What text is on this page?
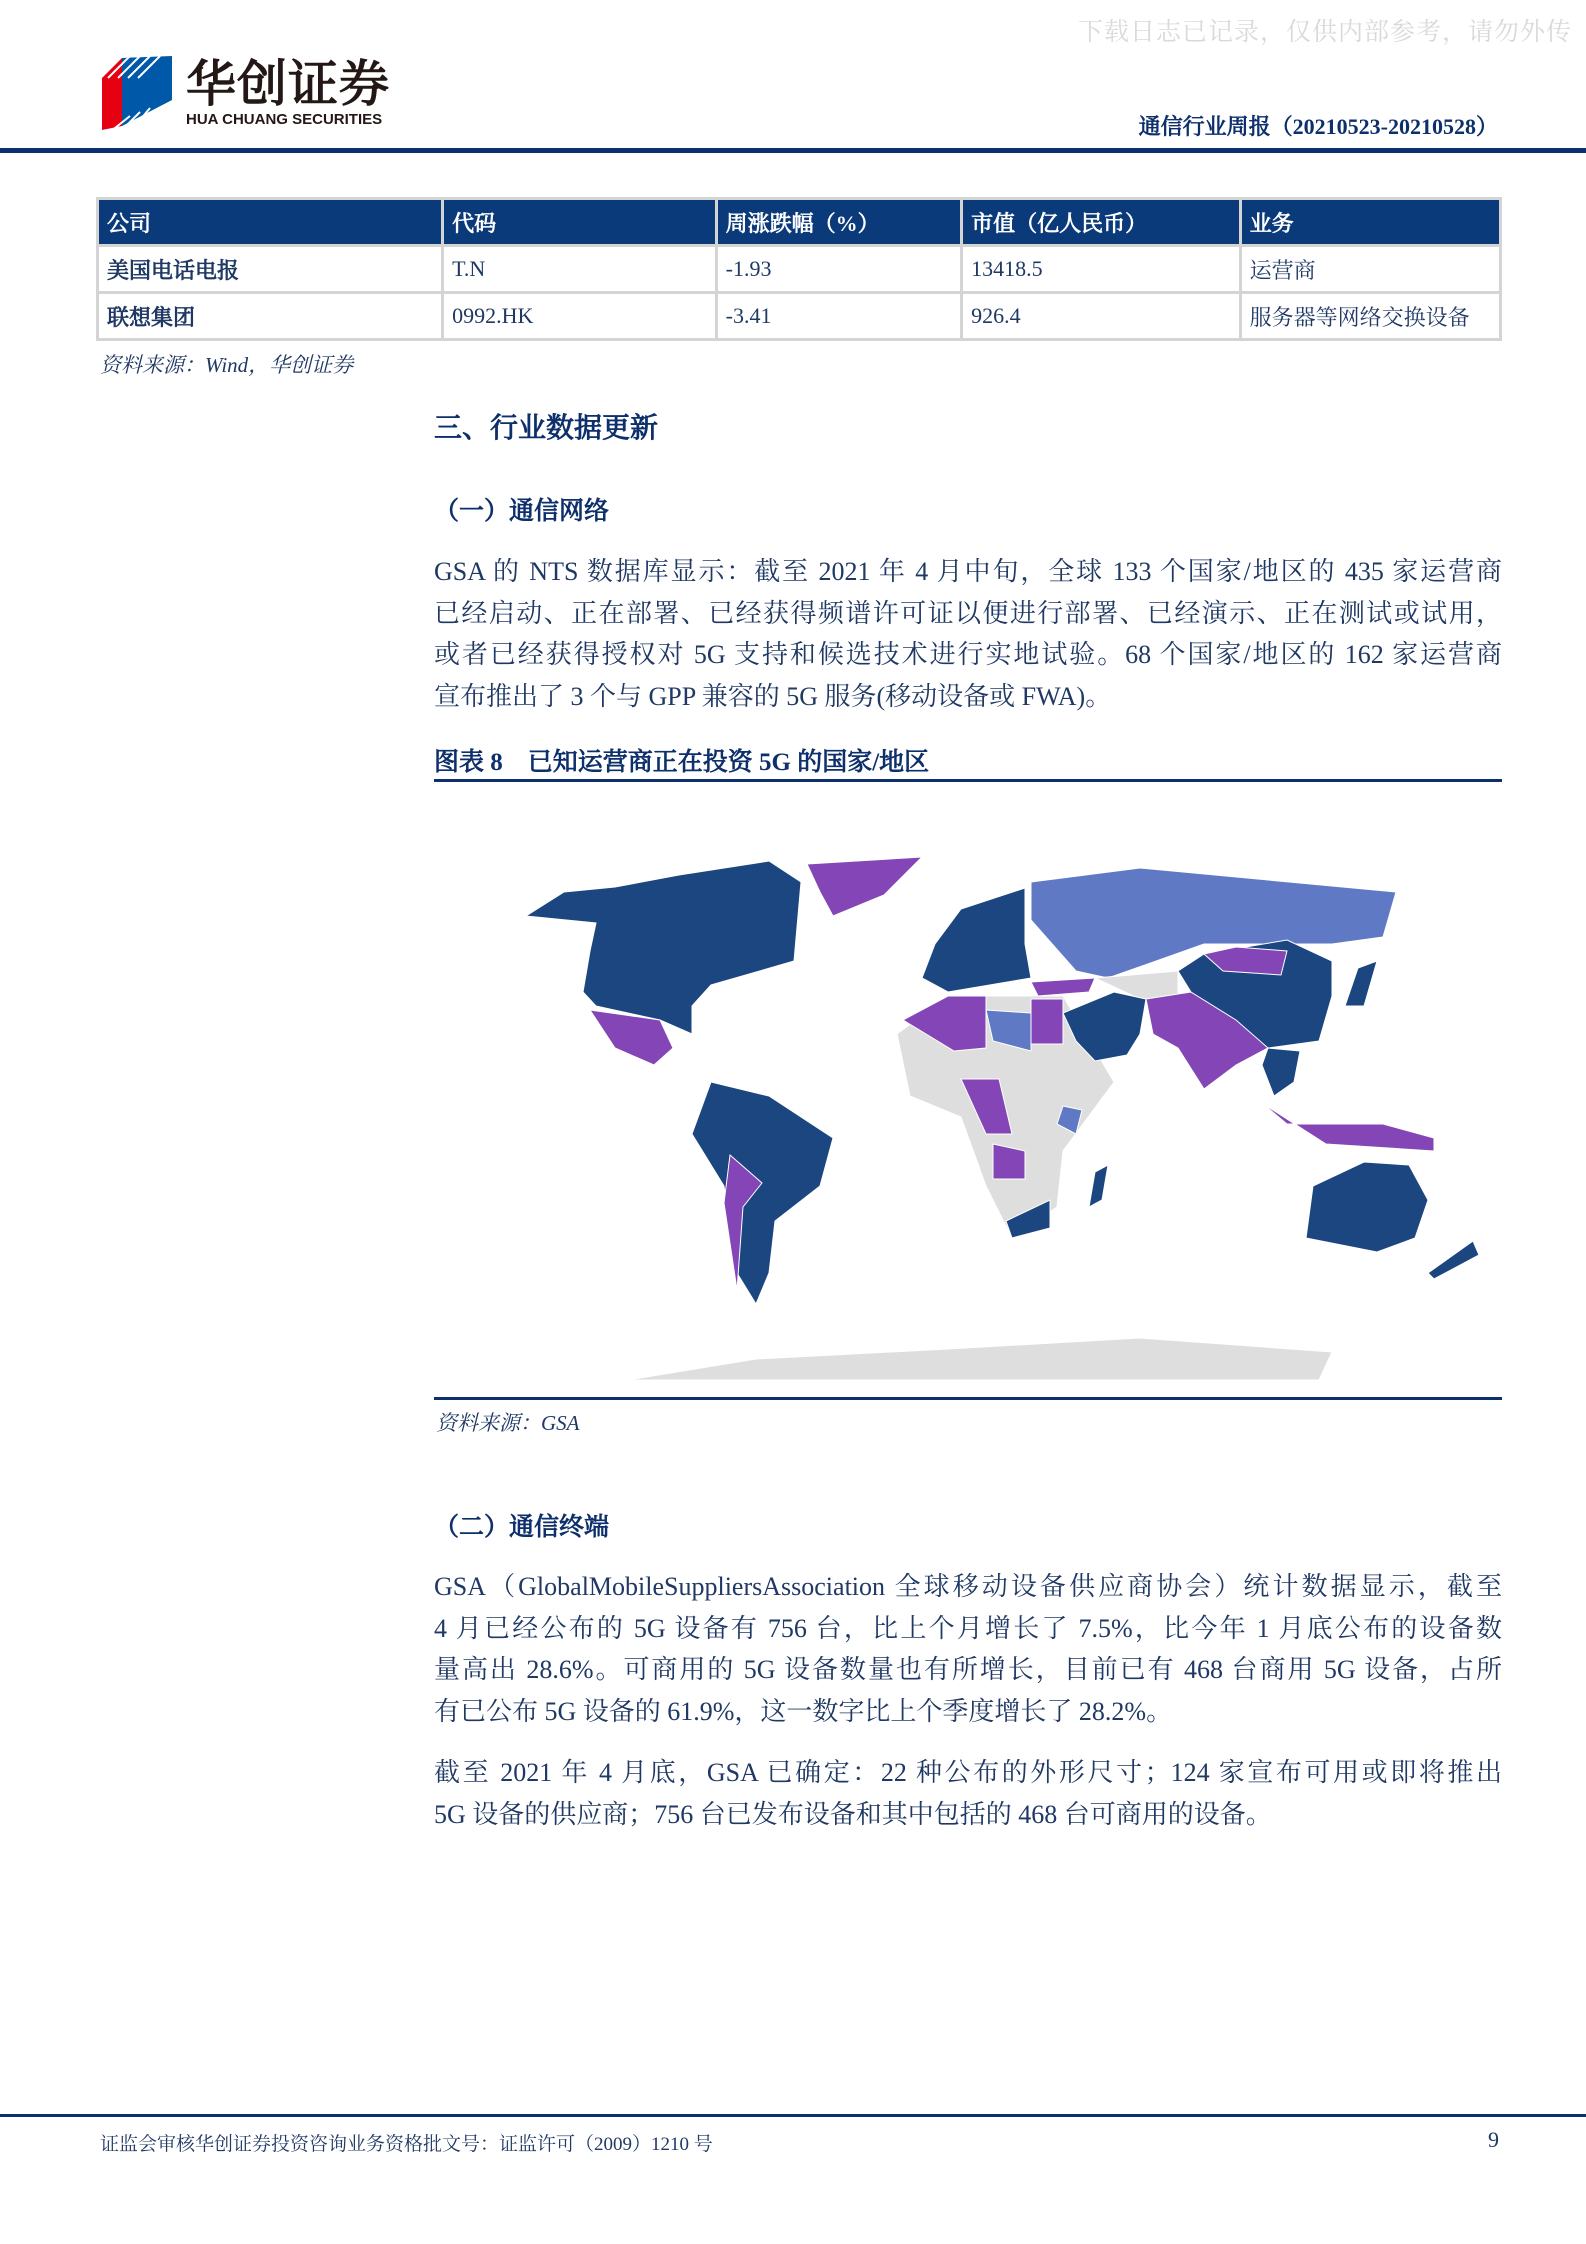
下载日志已记录，仅供内部参考，请勿外传
华创证券
HUA CHUANG SECURITIES	通信行业周报（20210523-20210528）
公司	代码	周涨跌幅（%）	市值（亿人民币）	业务
美国电话电报	T.N	-1.93	13418.5	运营商
联想集团	0992.HK	-3.41	926.4	服务器等网络交换设备
资料来源：Wind，华创证券
三、行业数据更新
（一）通信网络
GSA 的 NTS 数据库显示：截至 2021 年 4 月中旬，全球 133 个国家/地区的 435 家运营商
已经启动、正在部署、已经获得频谱许可证以便进行部署、已经演示、正在测试或试用，
或者已经获得授权对 5G 支持和候选技术进行实地试验。68 个国家/地区的 162 家运营商
宣布推出了 3 个与 GPP 兼容的 5G 服务(移动设备或 FWA)。
图表 8　已知运营商正在投资 5G 的国家/地区
资料来源：GSA
（二）通信终端
GSA（GlobalMobileSuppliersAssociation 全球移动设备供应商协会）统计数据显示，截至
4 月已经公布的 5G 设备有 756 台，比上个月增长了 7.5%，比今年 1 月底公布的设备数
量高出 28.6%。可商用的 5G 设备数量也有所增长，目前已有 468 台商用 5G 设备，占所
有已公布 5G 设备的 61.9%，这一数字比上个季度增长了 28.2%。
截至 2021 年 4 月底，GSA 已确定：22 种公布的外形尺寸；124 家宣布可用或即将推出
5G 设备的供应商；756 台已发布设备和其中包括的 468 台可商用的设备。
证监会审核华创证券投资咨询业务资格批文号：证监许可（2009）1210 号	9
